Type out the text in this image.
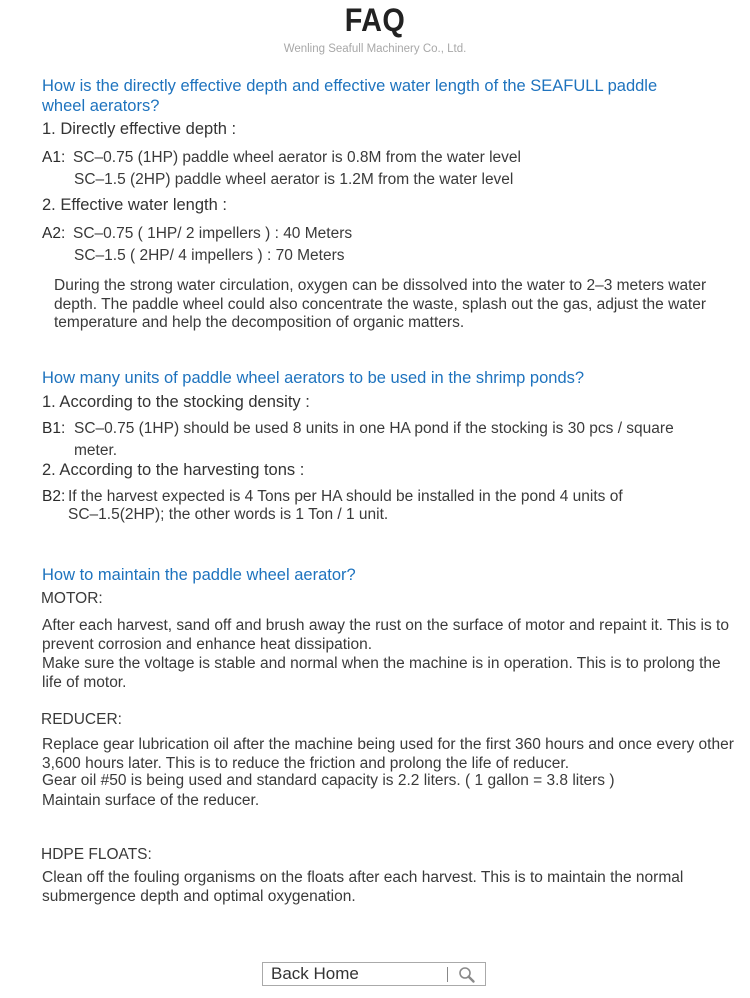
FAQ
Wenling Seafull Machinery Co., Ltd.
How is the directly effective depth and effective water length of the SEAFULL paddle
wheel aerators?
1. Directly effective depth :
A1: SC–0.75 (1HP) paddle wheel aerator is 0.8M from the water level
SC–1.5 (2HP) paddle wheel aerator is 1.2M from the water level
2. Effective water length :
A2: SC–0.75 ( 1HP/ 2 impellers ) : 40 Meters
SC–1.5 ( 2HP/ 4 impellers ) : 70 Meters
During the strong water circulation, oxygen can be dissolved into the water to 2–3 meters water depth. The paddle wheel could also concentrate the waste, splash out the gas, adjust the water temperature and help the decomposition of organic matters.
How many units of paddle wheel aerators to be used in the shrimp ponds?
1. According to the stocking density :
B1: SC–0.75 (1HP) should be used 8 units in one HA pond if the stocking is 30 pcs / square
meter.
2. According to the harvesting tons :
B2: If the harvest expected is 4 Tons per HA should be installed in the pond 4 units of
SC–1.5(2HP); the other words is 1 Ton / 1 unit.
How to maintain the paddle wheel aerator?
MOTOR:
After each harvest, sand off and brush away the rust on the surface of motor and repaint it. This is to prevent corrosion and enhance heat dissipation.
Make sure the voltage is stable and normal when the machine is in operation. This is to prolong the life of motor.
REDUCER:
Replace gear lubrication oil after the machine being used for the first 360 hours and once every other 3,600 hours later. This is to reduce the friction and prolong the life of reducer.
Gear oil #50 is being used and standard capacity is 2.2 liters. ( 1 gallon = 3.8 liters )
Maintain surface of the reducer.
HDPE FLOATS:
Clean off the fouling organisms on the floats after each harvest. This is to maintain the normal submergence depth and optimal oxygenation.
Back Home
